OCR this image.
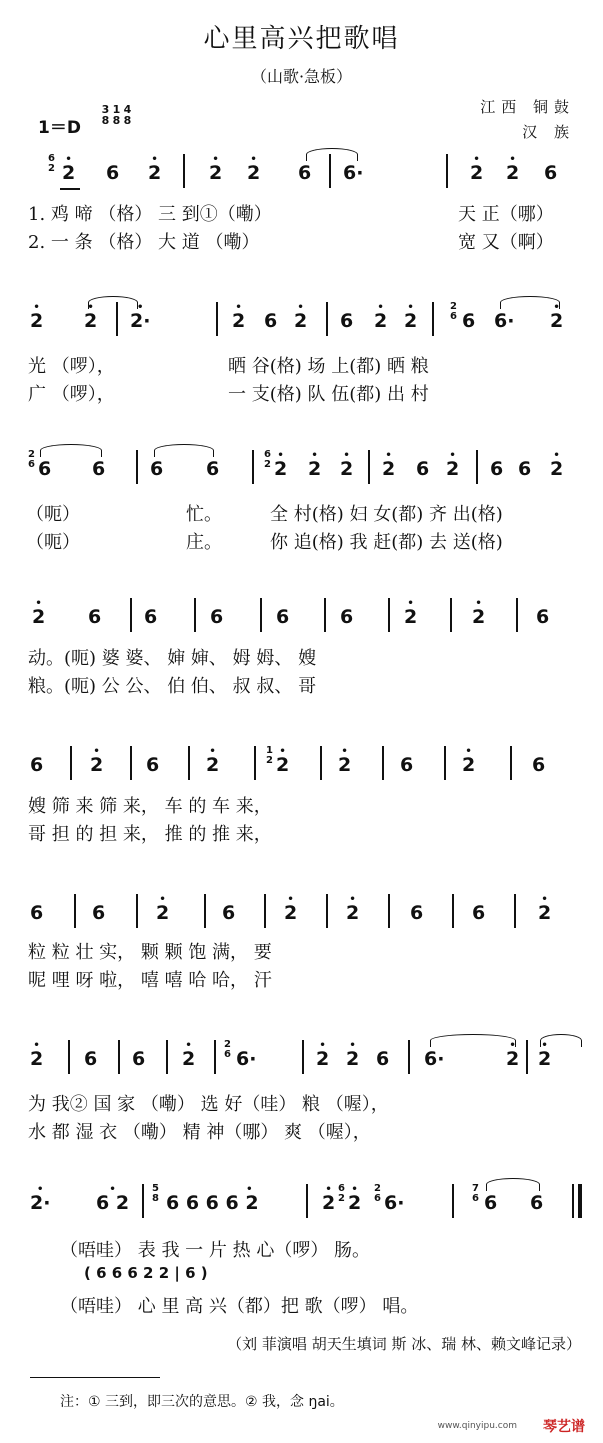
心里高兴把歌唱
（山歌·急板）
1＝D
3
81
84
8
江西 铜鼓
汉 族
6
2 2
•
6 2
•
2
•
2
•
6 6·	2
•
2
•
6
1. 鸡 啼 （格） 三 到①（嘞）	天 正（哪）
2. 一 条 （格） 大 道 （嘞）	宽 又（啊）
2
•
2
•
2·
•
2
•
6 2
•
6 2
•
2
•	2
6 6 6· 2
•
光 （啰），	晒 谷(格) 场 上(都) 晒 粮
广 （啰），	一 支(格) 队 伍(都) 出 村
2
6 6 6 6 6
6
2 2
•
2
•
2
•
2
•
6 2
•
6 6 2
•
（呃）	忙。	全 村(格) 妇 女(都) 齐 出(格)
（呃）	庄。	你 追(格) 我 赶(都) 去 送(格)
2
•
6 6	6	6	6	2
•
2
•
6
动。(呃) 婆 婆、 婶 婶、 姆 姆、 嫂
粮。(呃) 公 公、 伯 伯、 叔 叔、 哥
6 2
•
6 2
•	1
2 2
•
2
•
6	2
•
6
嫂 筛 来 筛 来， 车 的 车 来，
哥 担 的 担 来， 推 的 推 来，
6	6	2
•
6	2
•
2
•
6	6	2
•
粒 粒 壮 实， 颗 颗 饱 满， 要
呢 哩 呀 啦， 嘻 嘻 哈 哈， 汗
2
•
6 6 2
•	2
6 6·	2
•
2
•
6 6·	2
•
2
•
为 我② 国 家 （嘞） 选 好（哇） 粮 （喔），
水 都 湿 衣 （嘞） 精 神（哪） 爽 （喔），
2·
•
6 2
•	5
8 6 6 6 6 2
•
2
• 6
2 2
• 2
6 6·
7
6 6 6
（唔哇） 表 我 一 片 热 心（啰） 肠。
( 6 6 6 2 2 | 6 )
（唔哇） 心 里 高 兴（都）把 歌（啰） 唱。
（刘 菲演唱 胡天生填词 斯 冰、瑞 林、赖文峰记录）
注：① 三到，即三次的意思。② 我，念 ŋai。
www.qinyipu.com 琴艺谱
